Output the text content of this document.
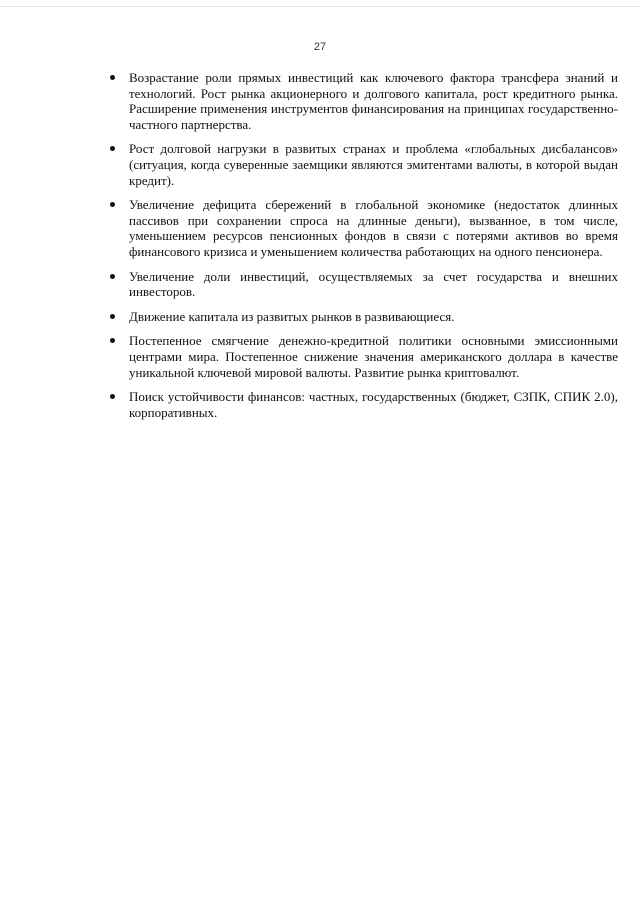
27
Возрастание роли прямых инвестиций как ключевого фактора трансфера знаний и технологий. Рост рынка акционерного и долгового капитала, рост кредитного рынка. Расширение применения инструментов финансирования на принципах государственно-частного партнерства.
Рост долговой нагрузки в развитых странах и проблема «глобальных дисбалансов» (ситуация, когда суверенные заемщики являются эмитентами валюты, в которой выдан кредит).
Увеличение дефицита сбережений в глобальной экономике (недостаток длинных пассивов при сохранении спроса на длинные деньги), вызванное, в том числе, уменьшением ресурсов пенсионных фондов в связи с потерями активов во время финансового кризиса и уменьшением количества работающих на одного пенсионера.
Увеличение доли инвестиций, осуществляемых за счет государства и внешних инвесторов.
Движение капитала из развитых рынков в развивающиеся.
Постепенное смягчение денежно-кредитной политики основными эмиссионными центрами мира. Постепенное снижение значения американского доллара в качестве уникальной ключевой мировой валюты. Развитие рынка криптовалют.
Поиск устойчивости финансов: частных, государственных (бюджет, СЗПК, СПИК 2.0), корпоративных.
